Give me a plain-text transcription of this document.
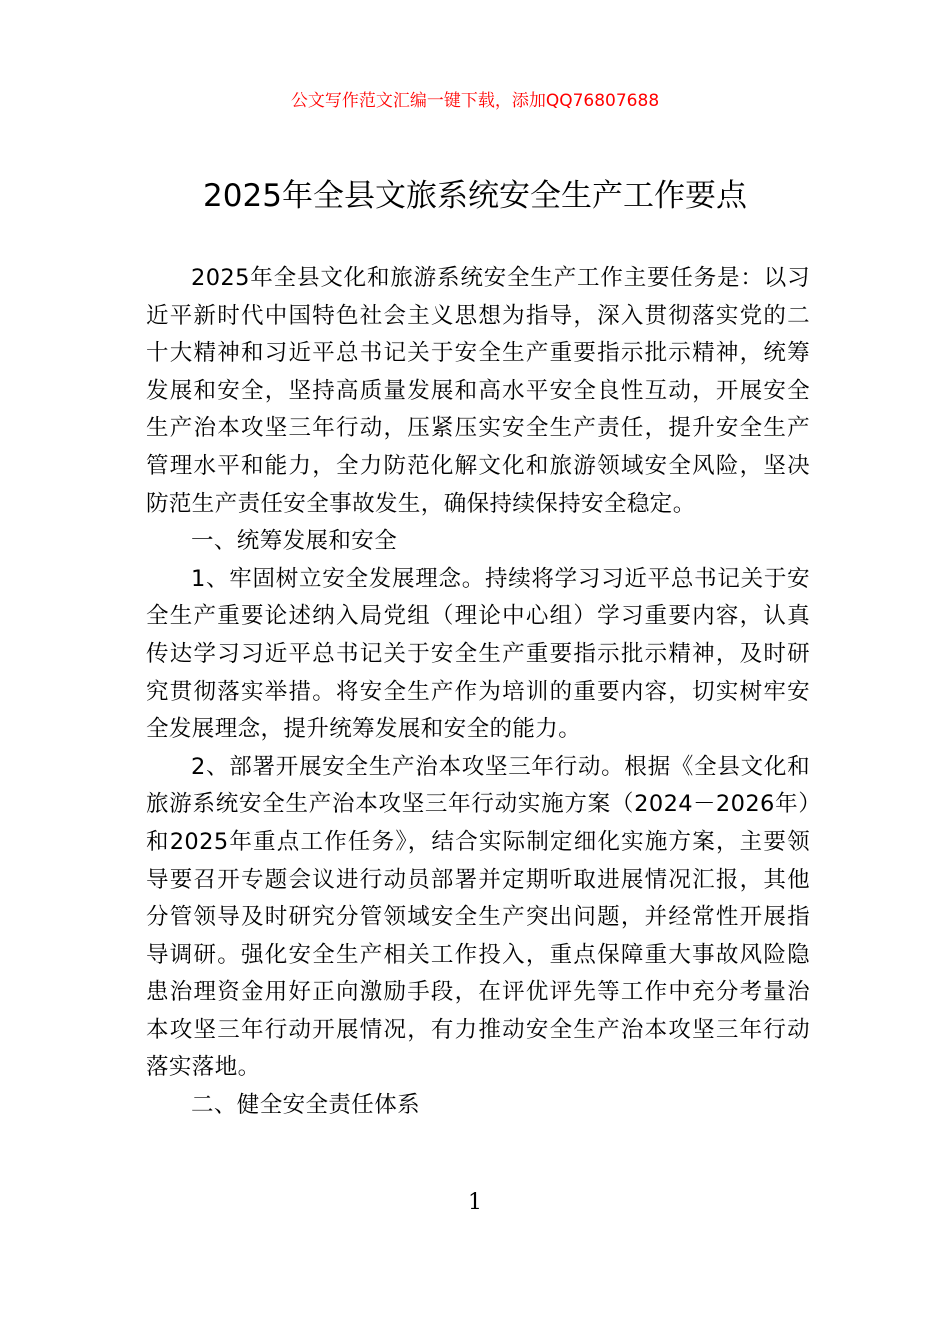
公文写作范文汇编一键下载，添加QQ76807688
2025年全县文旅系统安全生产工作要点

2025年全县文化和旅游系统安全生产工作主要任务是：以习近平新时代中国特色社会主义思想为指导，深入贯彻落实党的二十大精神和习近平总书记关于安全生产重要指示批示精神，统筹发展和安全，坚持高质量发展和高水平安全良性互动，开展安全生产治本攻坚三年行动，压紧压实安全生产责任，提升安全生产管理水平和能力，全力防范化解文化和旅游领域安全风险，坚决防范生产责任安全事故发生，确保持续保持安全稳定。

一、统筹发展和安全

1、牢固树立安全发展理念。持续将学习习近平总书记关于安全生产重要论述纳入局党组（理论中心组）学习重要内容，认真传达学习习近平总书记关于安全生产重要指示批示精神，及时研究贯彻落实举措。将安全生产作为培训的重要内容，切实树牢安全发展理念，提升统筹发展和安全的能力。

2、部署开展安全生产治本攻坚三年行动。根据《全县文化和旅游系统安全生产治本攻坚三年行动实施方案（2024－2026年）和2025年重点工作任务》，结合实际制定细化实施方案，主要领导要召开专题会议进行动员部署并定期听取进展情况汇报，其他分管领导及时研究分管领域安全生产突出问题，并经常性开展指导调研。强化安全生产相关工作投入，重点保障重大事故风险隐患治理资金用好正向激励手段，在评优评先等工作中充分考量治本攻坚三年行动开展情况，有力推动安全生产治本攻坚三年行动落实落地。

二、健全安全责任体系

1
